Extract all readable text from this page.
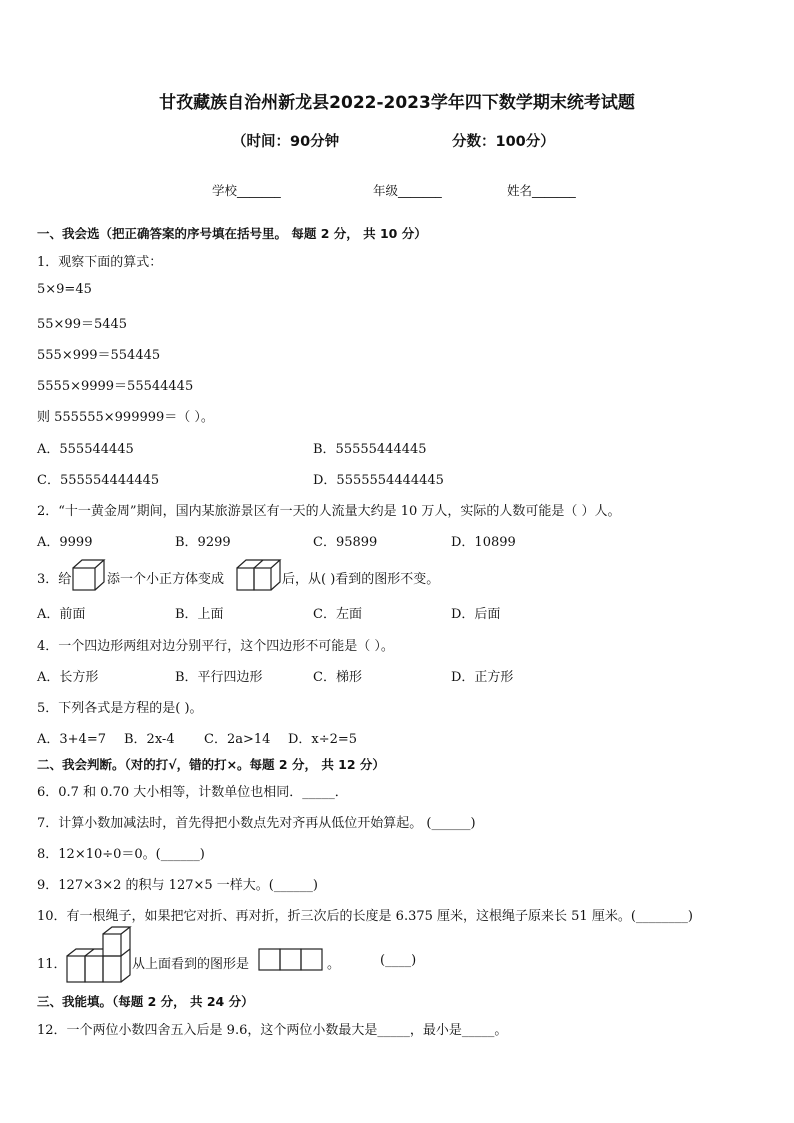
甘孜藏族自治州新龙县2022-2023学年四下数学期末统考试题
（时间：90分钟	分数：100分）
学校_______	年级_______	姓名_______
一、我会选（把正确答案的序号填在括号里。 每题 2 分， 共 10 分）
1．观察下面的算式：
5×9=45
55×99＝5445
555×999＝554445
5555×9999＝55544445
则 555555×999999＝（ ）。
A．555544445	B．55555444445
C．555554444445	D．5555554444445
2．“十一黄金周”期间，国内某旅游景区有一天的人流量大约是 10 万人，实际的人数可能是（ ）人。
A．9999	B．9299	C．95899	D．10899
3．给	添一个小正方体变成	后，从( )看到的图形不变。
A．前面	B．上面	C．左面	D．后面
4．一个四边形两组对边分别平行，这个四边形不可能是（ ）。
A．长方形	B．平行四边形	C．梯形	D．正方形
5．下列各式是方程的是( )。
A．3+4=7 B．2x-4 C．2a>14 D．x÷2=5
二、我会判断。（对的打√，错的打×。每题 2 分， 共 12 分）
6．0.7 和 0.70 大小相等，计数单位也相同．_____．
7．计算小数加减法时，首先得把小数点先对齐再从低位开始算起。 (______)
8．12×10÷0＝0。(______)
9．127×3×2 的积与 127×5 一样大。(______)
10．有一根绳子，如果把它对折、再对折，折三次后的长度是 6.375 厘米，这根绳子原来长 51 厘米。(________)
11．	从上面看到的图形是	。	(____)
三、我能填。（每题 2 分， 共 24 分）
12．一个两位小数四舍五入后是 9.6，这个两位小数最大是_____，最小是_____。
